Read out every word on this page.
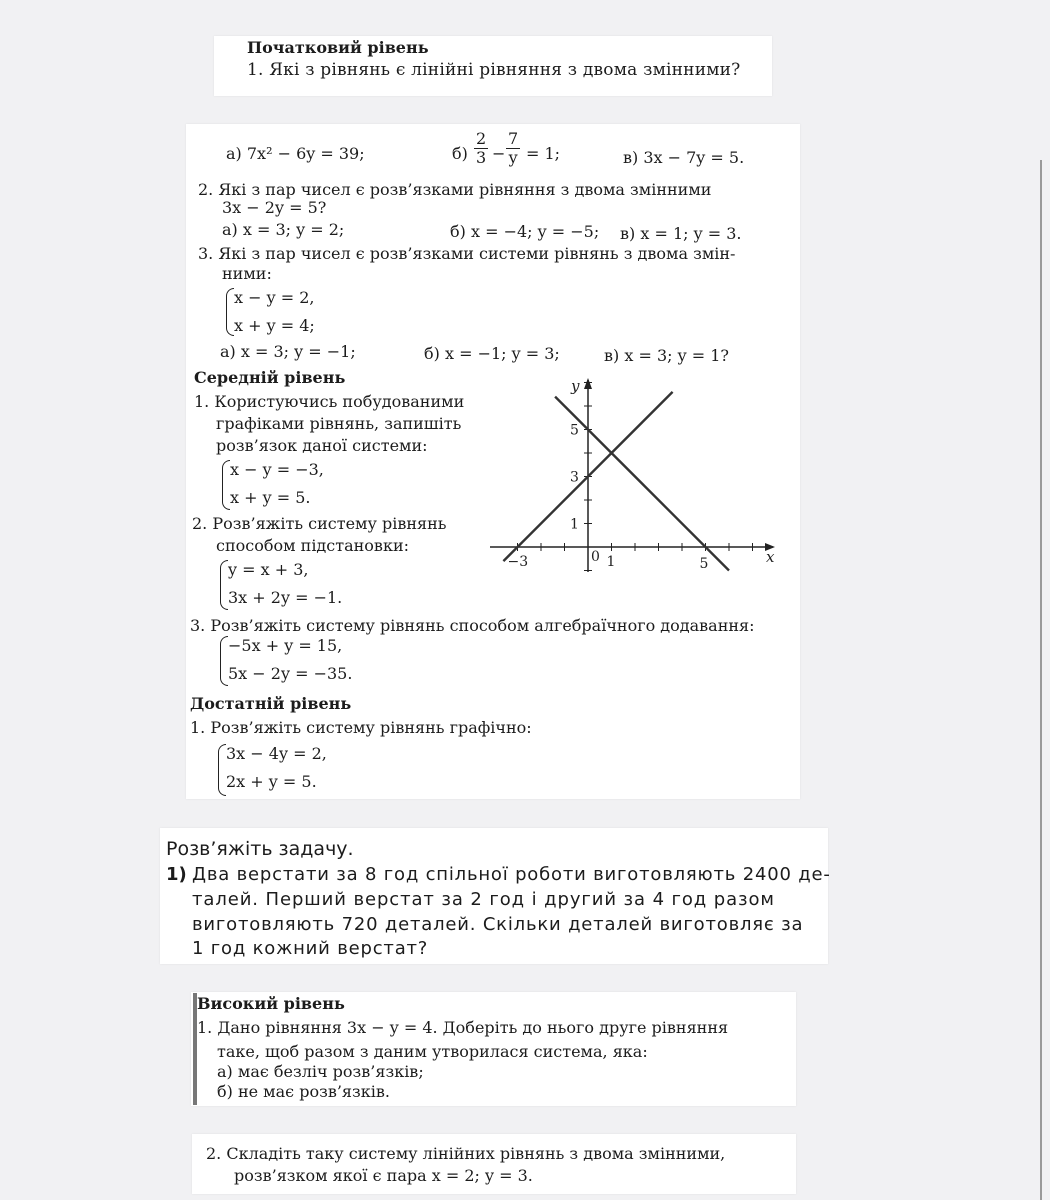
Початковий рівень
1. Які з рівнянь є лінійні рівняння з двома змінними?
а) 7x² − 6y = 39;	$б) \frac{2}{3} - \frac{7}{y} = 1$;	в) 3x − 7y = 5.
2. Які з пар чисел є розв’язками рівняння з двома змінними
3x − 2y = 5?
а) x = 3; y = 2;	б) x = −4; y = −5; в) x = 1; y = 3.
3. Які з пар чисел є розв’язками системи рівнянь з двома змін-
ними:
x − y = 2,
x + y = 4;
а) x = 3; y = −1;	б) x = −1; y = 3;	в) x = 3; y = 1?
Середній рівень
1. Користуючись побудованими
графіками рівнянь, запишіть
розв’язок даної системи:
x − y = −3,
x + y = 5.
2. Розв’яжіть систему рівнянь
способом підстановки:
y = x + 3,
3x + 2y = −1.
3. Розв’яжіть систему рівнянь способом алгебраїчного додавання:
−5x + y = 15,
5x − 2y = −35.
Достатній рівень
1. Розв’яжіть систему рівнянь графічно:
3x − 4y = 2,
2x + y = 5.
x
y
−3	0 1	5
1
3
5
Розв’яжіть задачу.
1) Два верстати за 8 год спільної роботи виготовляють 2400 де-
талей. Перший верстат за 2 год і другий за 4 год разом
виготовляють 720 деталей. Скільки деталей виготовляє за
1 год кожний верстат?
Високий рівень
1. Дано рівняння 3x − y = 4. Доберіть до нього друге рівняння
таке, щоб разом з даним утворилася система, яка:
а) має безліч розв’язків;
б) не має розв’язків.
2. Складіть таку систему лінійних рівнянь з двома змінними,
розв’язком якої є пара x = 2; y = 3.
